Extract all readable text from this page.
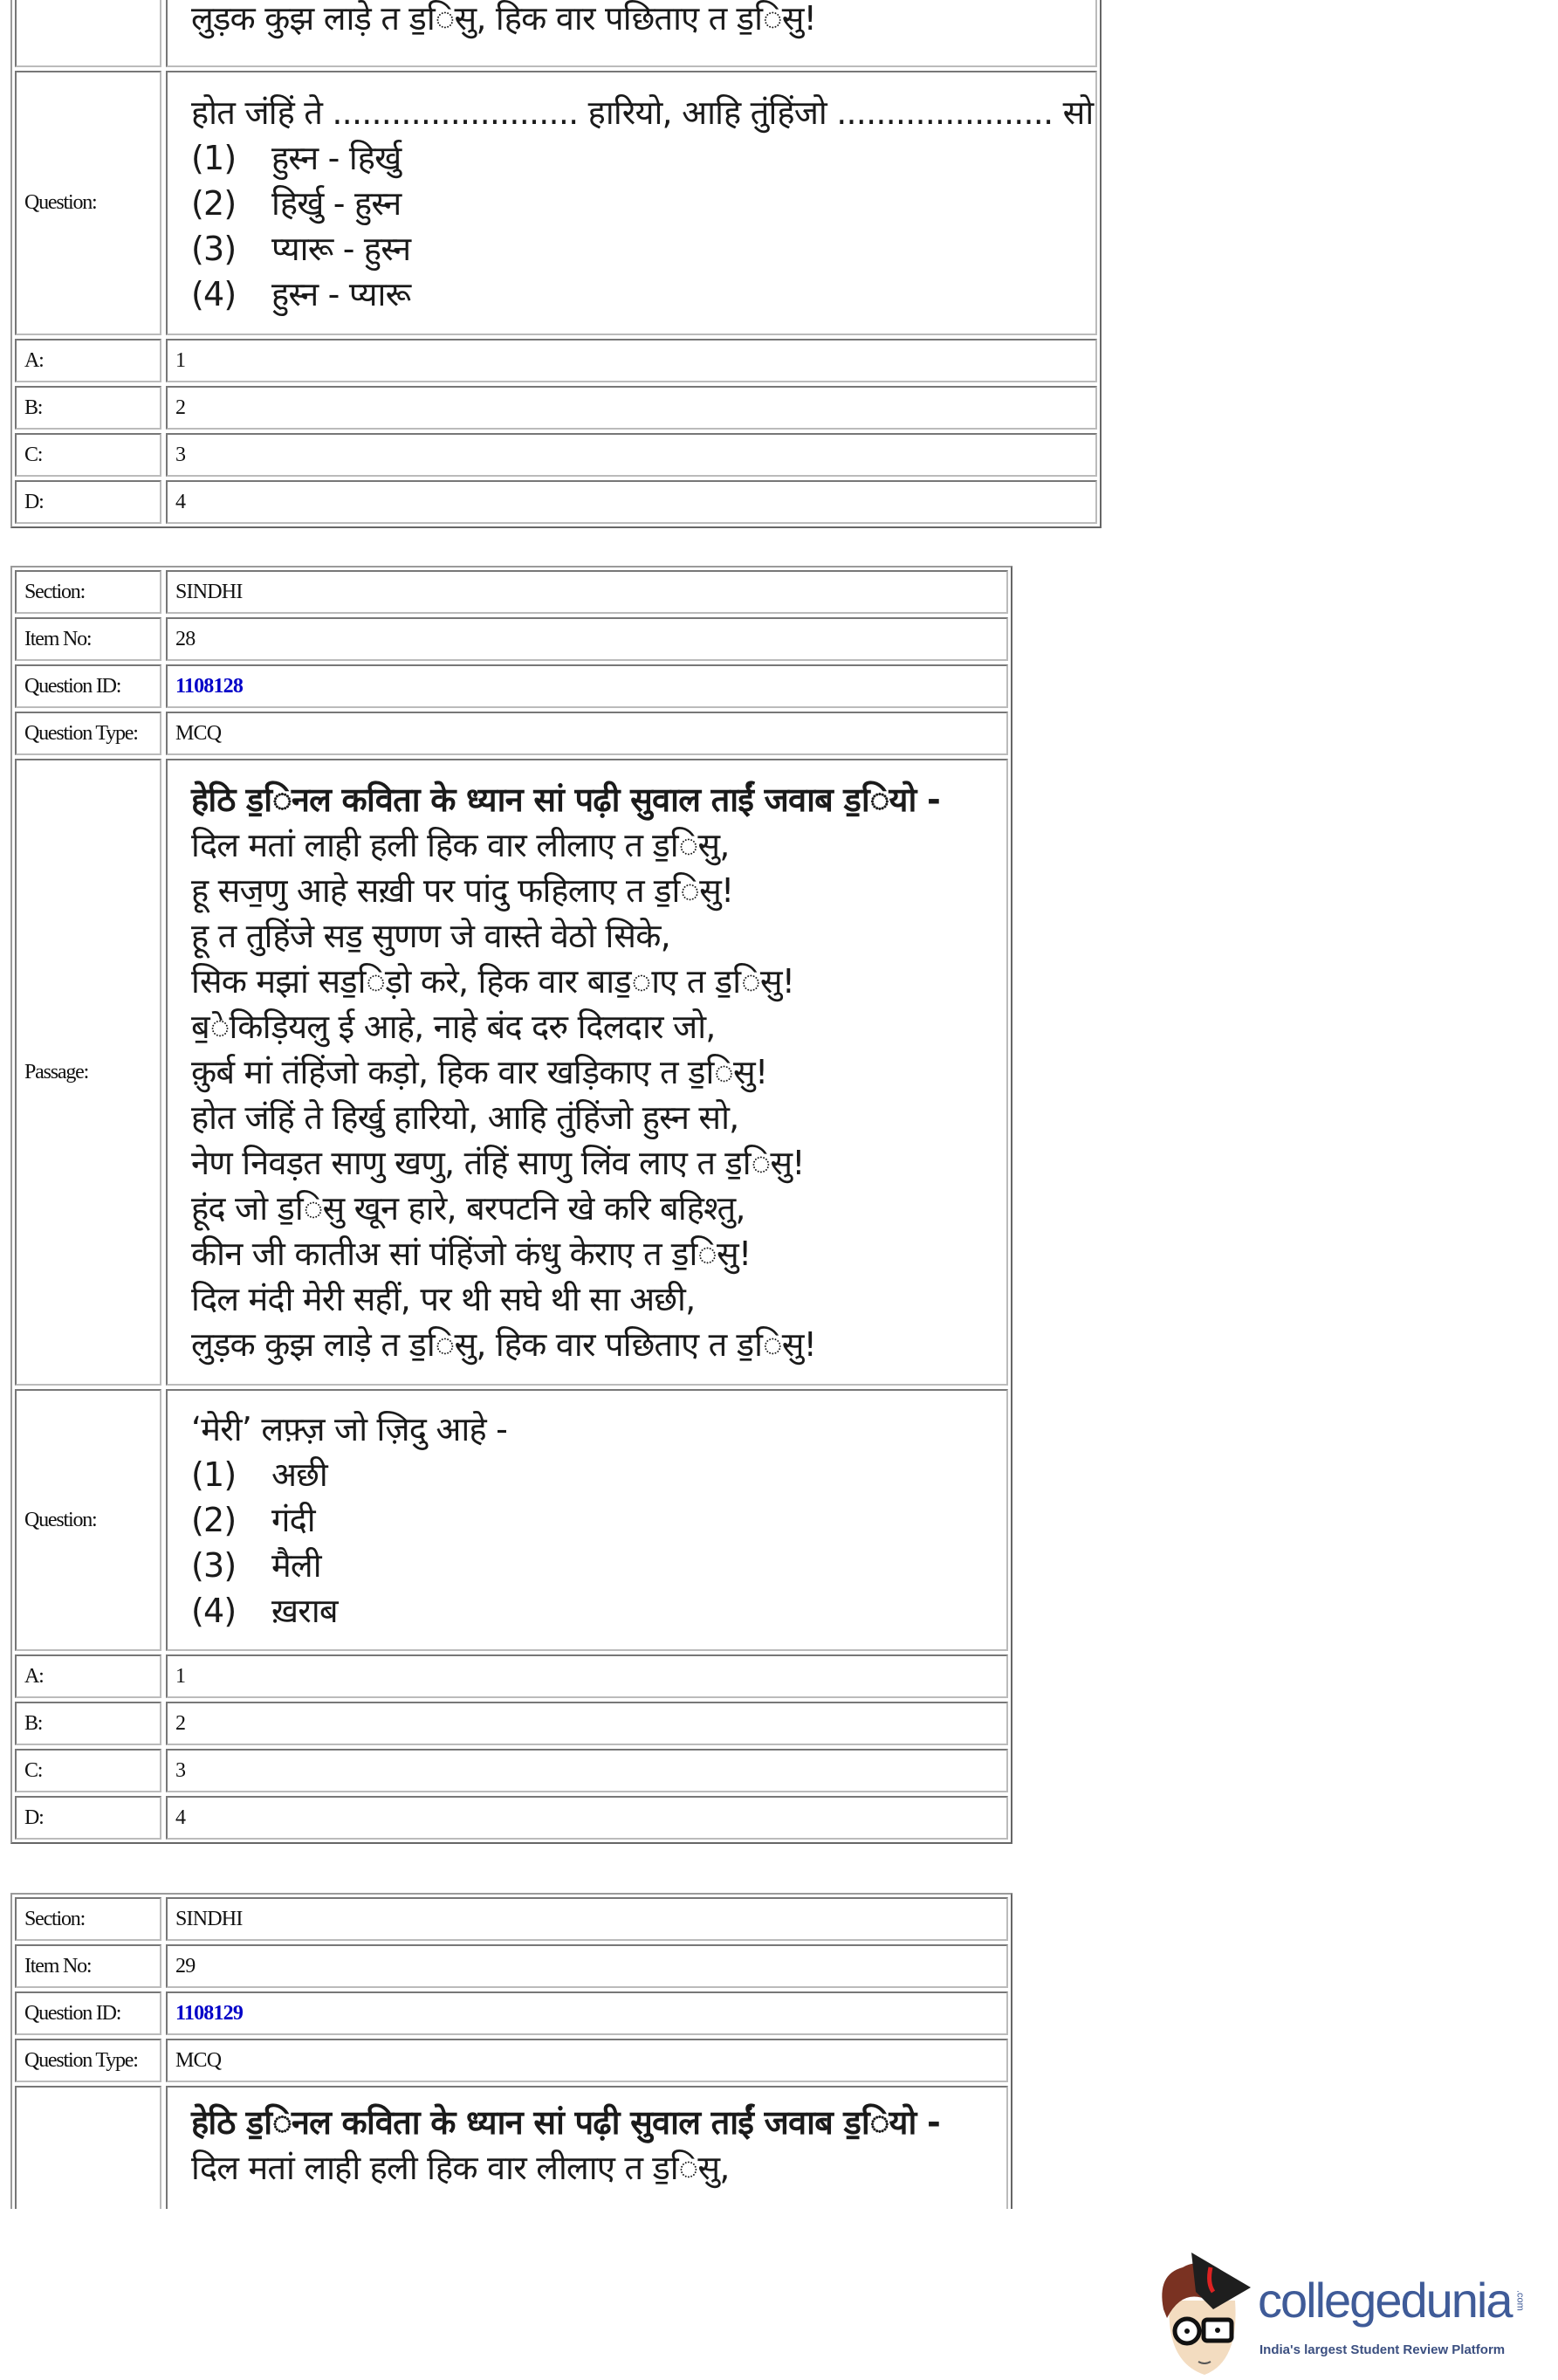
लुड़क कुझ लाड़े त ड॒िसु, हिक वार पछिताए त ड॒िसु!
Question:
होत जंहिं ते ......................... हारियो, आहि तुंहिंजो ...................... सो
(1)	हुस्न - हिर्खु
(2)	हिर्खु - हुस्न
(3)	प्यारू - हुस्न
(4)	हुस्न - प्यारू
A:	1
B:	2
C:	3
D:	4
Section:	SINDHI
Item No:	28
Question ID:	1108128
Question Type:	MCQ
Passage:
हेठि ड॒िनल कविता के ध्यान सां पढ़ी सुवाल ताईं जवाब ड॒ियो -
दिल मतां लाही हली हिक वार लीलाए त ड॒िसु,
हू सज॒णु आहे सख़ी पर पांदु फहिलाए त ड॒िसु!
हू त तुहिंजे सड॒ सुणण जे वास्ते वेठो सिके,
सिक मझां सड॒िड़ो करे, हिक वार बाड॒ाए त ड॒िसु!
ब॒ेकिड़ियलु ई आहे, नाहे बंद दरु दिलदार जो,
क़ुर्ब मां तंहिंजो कड़ो, हिक वार खड़िकाए त ड॒िसु!
होत जंहिं ते हिर्खु हारियो, आहि तुंहिंजो हुस्न सो,
नेण निवड़त साणु खणु, तंहिं साणु लिंव लाए त ड॒िसु!
हूंद जो ड॒िसु खून हारे, बरपटनि खे करि बहिश्तु,
कीन जी कातीअ सां पंहिंजो कंधु केराए त ड॒िसु!
दिल मंदी मेरी सहीं, पर थी सघे थी सा अछी,
लुड़क कुझ लाड़े त ड॒िसु, हिक वार पछिताए त ड॒िसु!
Question:
‘मेरी’ लफ़्ज़ जो ज़िदु आहे -
(1)	अछी
(2)	गंदी
(3)	मैली
(4)	ख़राब
A:	1
B:	2
C:	3
D:	4
Section:	SINDHI
Item No:	29
Question ID:	1108129
Question Type:	MCQ
हेठि ड॒िनल कविता के ध्यान सां पढ़ी सुवाल ताईं जवाब ड॒ियो -
दिल मतां लाही हली हिक वार लीलाए त ड॒िसु,
collegedunia .com
India's largest Student Review Platform
